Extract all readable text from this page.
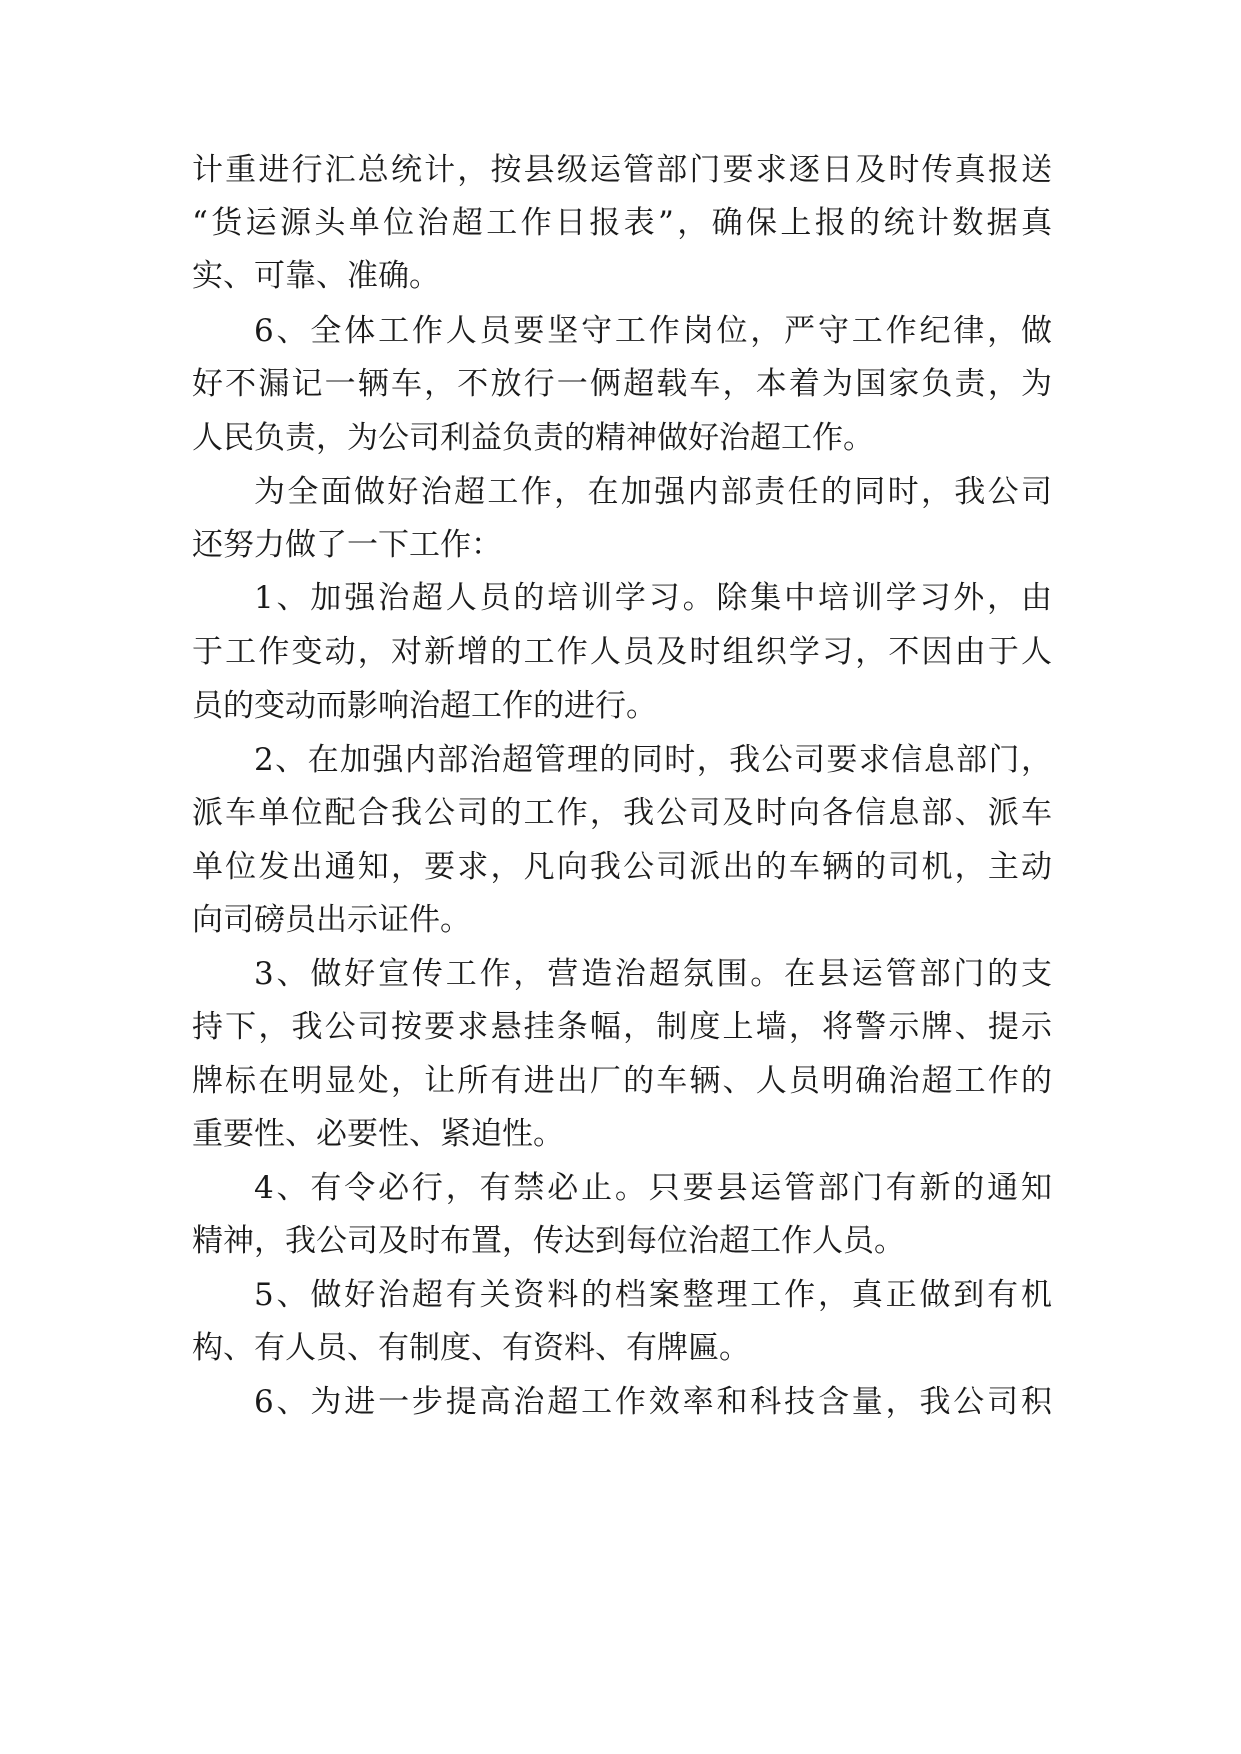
计重进行汇总统计，按县级运管部门要求逐日及时传真报送
“货运源头单位治超工作日报表”，确保上报的统计数据真
实、可靠、准确。
6、全体工作人员要坚守工作岗位，严守工作纪律，做
好不漏记一辆车，不放行一俩超载车，本着为国家负责，为
人民负责，为公司利益负责的精神做好治超工作。
为全面做好治超工作，在加强内部责任的同时，我公司
还努力做了一下工作：
1、加强治超人员的培训学习。除集中培训学习外，由
于工作变动，对新增的工作人员及时组织学习，不因由于人
员的变动而影响治超工作的进行。
2、在加强内部治超管理的同时，我公司要求信息部门，
派车单位配合我公司的工作，我公司及时向各信息部、派车
单位发出通知，要求，凡向我公司派出的车辆的司机，主动
向司磅员出示证件。
3、做好宣传工作，营造治超氛围。在县运管部门的支
持下，我公司按要求悬挂条幅，制度上墙，将警示牌、提示
牌标在明显处，让所有进出厂的车辆、人员明确治超工作的
重要性、必要性、紧迫性。
4、有令必行，有禁必止。只要县运管部门有新的通知
精神，我公司及时布置，传达到每位治超工作人员。
5、做好治超有关资料的档案整理工作，真正做到有机
构、有人员、有制度、有资料、有牌匾。
6、为进一步提高治超工作效率和科技含量，我公司积
